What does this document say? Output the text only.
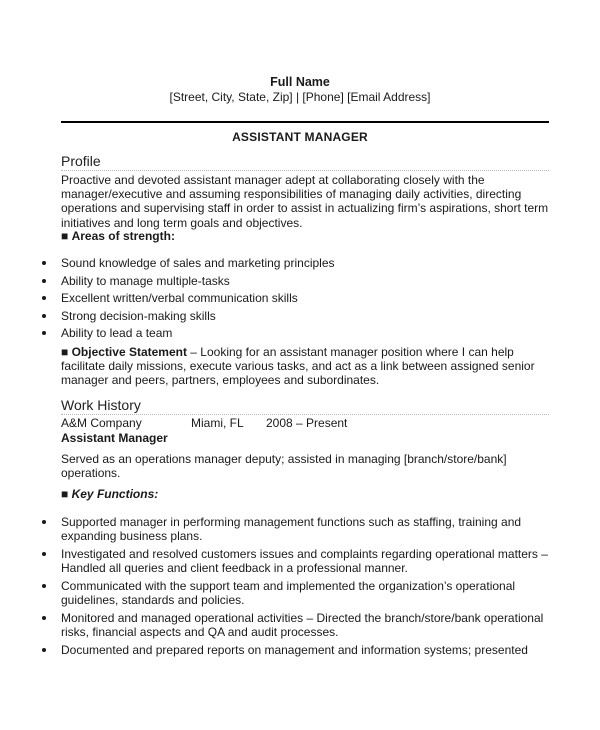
Full Name
[Street, City, State, Zip] | [Phone] [Email Address]
ASSISTANT MANAGER
Profile
Proactive and devoted assistant manager adept at collaborating closely with the manager/executive and assuming responsibilities of managing daily activities, directing operations and supervising staff in order to assist in actualizing firm’s aspirations, short term initiatives and long term goals and objectives.
■ Areas of strength:
Sound knowledge of sales and marketing principles
Ability to manage multiple-tasks
Excellent written/verbal communication skills
Strong decision-making skills
Ability to lead a team
■ Objective Statement – Looking for an assistant manager position where I can help facilitate daily missions, execute various tasks, and act as a link between assigned senior manager and peers, partners, employees and subordinates.
Work History
A&M Company	Miami, FL 2008 – Present
Assistant Manager
Served as an operations manager deputy; assisted in managing [branch/store/bank] operations.
■ Key Functions:
Supported manager in performing management functions such as staffing, training and expanding business plans.
Investigated and resolved customers issues and complaints regarding operational matters – Handled all queries and client feedback in a professional manner.
Communicated with the support team and implemented the organization’s operational guidelines, standards and policies.
Monitored and managed operational activities – Directed the branch/store/bank operational risks, financial aspects and QA and audit processes.
Documented and prepared reports on management and information systems; presented
